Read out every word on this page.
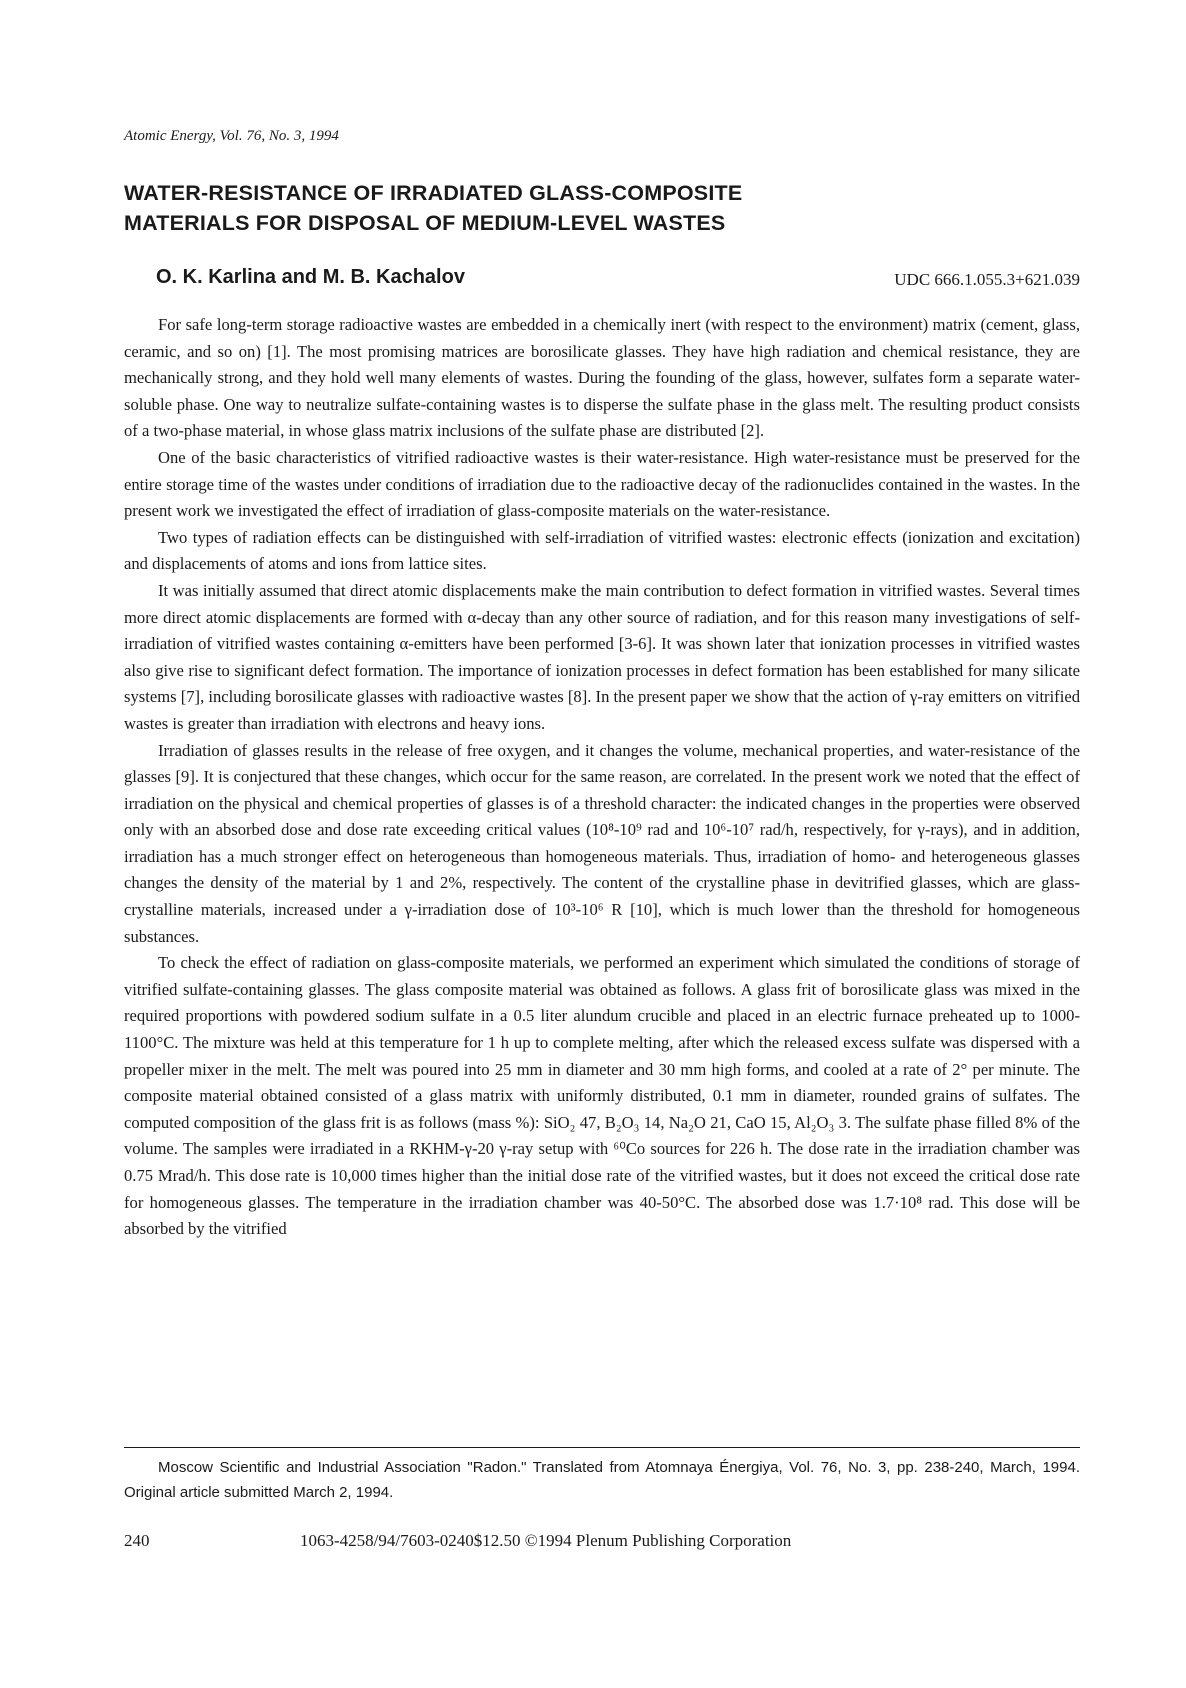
Atomic Energy, Vol. 76, No. 3, 1994
WATER-RESISTANCE OF IRRADIATED GLASS-COMPOSITE
MATERIALS FOR DISPOSAL OF MEDIUM-LEVEL WASTES
O. K. Karlina and M. B. Kachalov	UDC 666.1.055.3+621.039

For safe long-term storage radioactive wastes are embedded in a chemically inert (with respect to the environment) matrix (cement, glass, ceramic, and so on) [1]. The most promising matrices are borosilicate glasses. They have high radiation and chemical resistance, they are mechanically strong, and they hold well many elements of wastes. During the founding of the glass, however, sulfates form a separate water-soluble phase. One way to neutralize sulfate-containing wastes is to disperse the sulfate phase in the glass melt. The resulting product consists of a two-phase material, in whose glass matrix inclusions of the sulfate phase are distributed [2].

One of the basic characteristics of vitrified radioactive wastes is their water-resistance. High water-resistance must be preserved for the entire storage time of the wastes under conditions of irradiation due to the radioactive decay of the radionuclides contained in the wastes. In the present work we investigated the effect of irradiation of glass-composite materials on the water-resistance.

Two types of radiation effects can be distinguished with self-irradiation of vitrified wastes: electronic effects (ionization and excitation) and displacements of atoms and ions from lattice sites.

It was initially assumed that direct atomic displacements make the main contribution to defect formation in vitrified wastes. Several times more direct atomic displacements are formed with α-decay than any other source of radiation, and for this reason many investigations of self-irradiation of vitrified wastes containing α-emitters have been performed [3-6]. It was shown later that ionization processes in vitrified wastes also give rise to significant defect formation. The importance of ionization processes in defect formation has been established for many silicate systems [7], including borosilicate glasses with radioactive wastes [8]. In the present paper we show that the action of γ-ray emitters on vitrified wastes is greater than irradiation with electrons and heavy ions.

Irradiation of glasses results in the release of free oxygen, and it changes the volume, mechanical properties, and water-resistance of the glasses [9]. It is conjectured that these changes, which occur for the same reason, are correlated. In the present work we noted that the effect of irradiation on the physical and chemical properties of glasses is of a threshold character: the indicated changes in the properties were observed only with an absorbed dose and dose rate exceeding critical values (10⁸-10⁹ rad and 10⁶-10⁷ rad/h, respectively, for γ-rays), and in addition, irradiation has a much stronger effect on heterogeneous than homogeneous materials. Thus, irradiation of homo- and heterogeneous glasses changes the density of the material by 1 and 2%, respectively. The content of the crystalline phase in devitrified glasses, which are glass-crystalline materials, increased under a γ-irradiation dose of 10³-10⁶ R [10], which is much lower than the threshold for homogeneous substances.

To check the effect of radiation on glass-composite materials, we performed an experiment which simulated the conditions of storage of vitrified sulfate-containing glasses. The glass composite material was obtained as follows. A glass frit of borosilicate glass was mixed in the required proportions with powdered sodium sulfate in a 0.5 liter alundum crucible and placed in an electric furnace preheated up to 1000-1100°C. The mixture was held at this temperature for 1 h up to complete melting, after which the released excess sulfate was dispersed with a propeller mixer in the melt. The melt was poured into 25 mm in diameter and 30 mm high forms, and cooled at a rate of 2° per minute. The composite material obtained consisted of a glass matrix with uniformly distributed, 0.1 mm in diameter, rounded grains of sulfates. The computed composition of the glass frit is as follows (mass %): SiO₂ 47, B₂O₃ 14, Na₂O 21, CaO 15, Al₂O₃ 3. The sulfate phase filled 8% of the volume. The samples were irradiated in a RKHM-γ-20 γ-ray setup with ⁶⁰Co sources for 226 h. The dose rate in the irradiation chamber was 0.75 Mrad/h. This dose rate is 10,000 times higher than the initial dose rate of the vitrified wastes, but it does not exceed the critical dose rate for homogeneous glasses. The temperature in the irradiation chamber was 40-50°C. The absorbed dose was 1.7·10⁸ rad. This dose will be absorbed by the vitrified

Moscow Scientific and Industrial Association "Radon." Translated from Atomnaya Énergiya, Vol. 76, No. 3, pp. 238-240, March, 1994. Original article submitted March 2, 1994.
240	1063-4258/94/7603-0240$12.50 ©1994 Plenum Publishing Corporation
